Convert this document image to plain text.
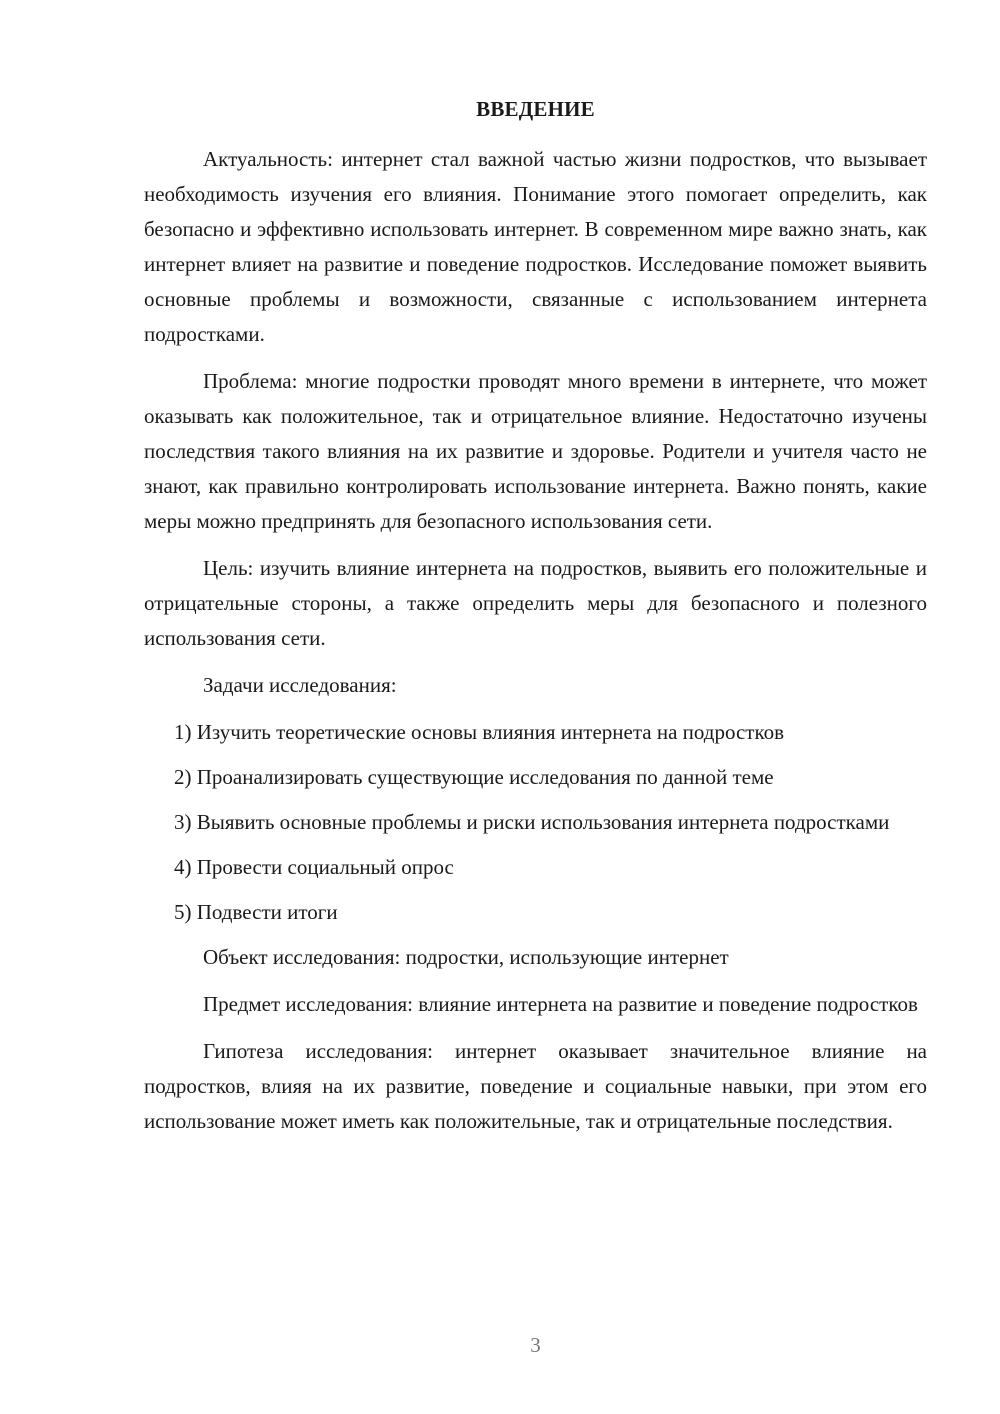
ВВЕДЕНИЕ
Актуальность: интернет стал важной частью жизни подростков, что вызывает необходимость изучения его влияния. Понимание этого помогает определить, как безопасно и эффективно использовать интернет. В современном мире важно знать, как интернет влияет на развитие и поведение подростков. Исследование поможет выявить основные проблемы и возможности, связанные с использованием интернета подростками.
Проблема: многие подростки проводят много времени в интернете, что может оказывать как положительное, так и отрицательное влияние. Недостаточно изучены последствия такого влияния на их развитие и здоровье. Родители и учителя часто не знают, как правильно контролировать использование интернета. Важно понять, какие меры можно предпринять для безопасного использования сети.
Цель: изучить влияние интернета на подростков, выявить его положительные и отрицательные стороны, а также определить меры для безопасного и полезного использования сети.
Задачи исследования:
1) Изучить теоретические основы влияния интернета на подростков
2) Проанализировать существующие исследования по данной теме
3) Выявить основные проблемы и риски использования интернета подростками
4) Провести социальный опрос
5) Подвести итоги
Объект исследования: подростки, использующие интернет
Предмет исследования: влияние интернета на развитие и поведение подростков
Гипотеза исследования: интернет оказывает значительное влияние на подростков, влияя на их развитие, поведение и социальные навыки, при этом его использование может иметь как положительные, так и отрицательные последствия.
3
